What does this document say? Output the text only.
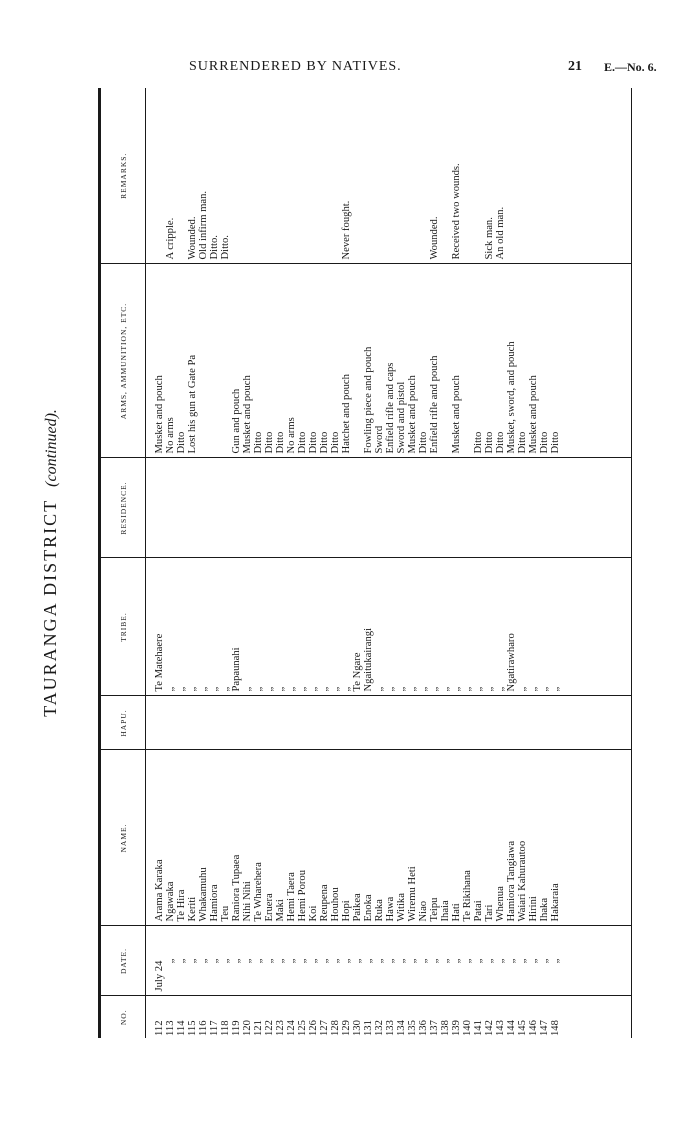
SURRENDERED BY NATIVES.	21 E.—No. 6.
TAURANGA DISTRICT(continued).
NO.	DATE.	NAME.	HAPU.	TRIBE.	RESIDENCE.	ARMS, AMMUNITION, ETC.	REMARKS.
112	July 24	Arama Karaka		Te Matehaere		Musket and pouch	
113	„	Ngawaka		„		No arms	A cripple.
114	„	Te Hira		„		Ditto	
115	„	Keriti		„		Lost his gun at Gate Pa	Wounded.
116	„	Whakamuhu		„			Old infirm man.
117	„	Hamiora		„			Ditto.
118	„	Teu		„			Ditto.
119	„	Raniora Tupaea		Papaunahi		Gun and pouch	
120	„	Nihi Nihi		„		Musket and pouch	
121	„	Te Wharehera		„		Ditto	
122	„	Eruera		„		Ditto	
123	„	Maki		„		Ditto	
124	„	Hemi Taera		„		No arms	
125	„	Hemi Porou		„		Ditto	
126	„	Koi		„		Ditto	
127	„	Reupena		„		Ditto	
128	„	Houhou		„		Ditto	
129	„	Hopi		„		Hatchet and pouch	Never fought.
130	„	Paikea		Te Ngare			
131	„	Enoka		Ngaitukairangi		Fowling piece and pouch	
132	„	Ruka		„		Sword	
133	„	Hawa		„		Enfield rifle and caps	
134	„	Witika		„		Sword and pistol	
135	„	Wiremu Heti		„		Musket and pouch	
136	„	Niao		„		Ditto	
137	„	Teipu		„		Enfield rifle and pouch	Wounded.
138	„	Ihaia		„			
139	„	Hati		„		Musket and pouch	Received two wounds.
140	„	Te Rikihana		„			
141	„	Patai		„		Ditto	
142	„	Tari		„		Ditto	Sick man.
143	„	Whenua		„		Ditto	An old man.
144	„	Hamiora Tangiawa		Ngatirawharo		Musket, sword, and pouch	
145	„	Waiari Kahurautoo		„		Ditto	
146	„	Hirini		„		Musket and pouch	
147	„	Ihaka		„		Ditto	
148	„	Hakaraia		„		Ditto	
